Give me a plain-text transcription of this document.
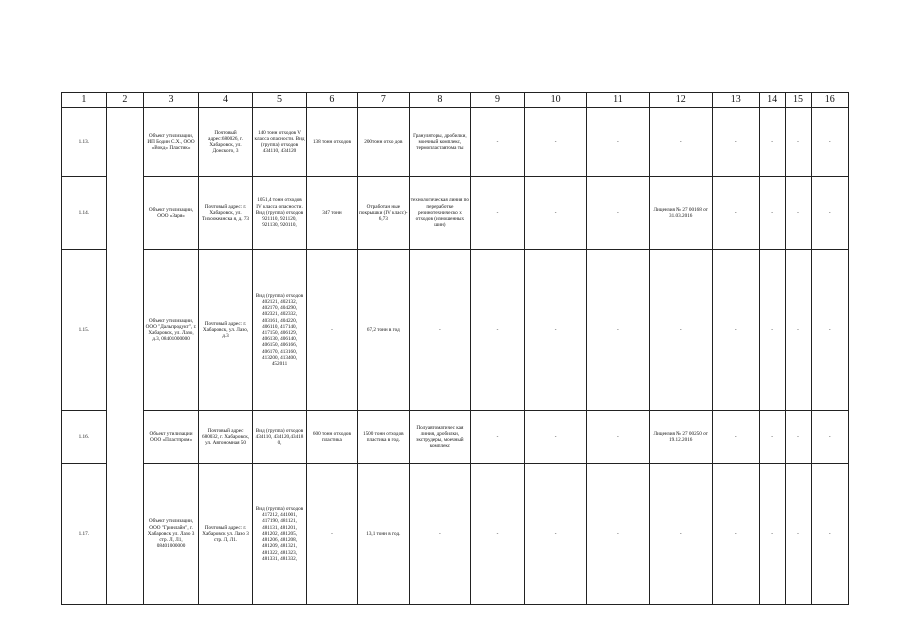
1	2	3	4	5	6	7	8	9	10	11	12	13	14	15	16
1.13.		Объект утилизации, ИП Бодин С.Х., ООО «Вокд» Пластик»	Почтовый адрес:680026, г. Хабаровск, ул. Донского, 3	140 тонн отходов V класса опасности. Вид (группа) отходов 434110, 434120	138 тонн отходов	200тонн отхо дов	Грануляторы, дробилки, моечный комплекс, термопластавтома ты	-	-	-	-	-	-	-	-
1.14.		Объект утилизации, ООО «Заря»	Почтовый адрес: г. Хабаровск, ул. Тихоокеанска я, д. 73	1051,4 тонн отходов IV класса опасности. Вид (группа) отходов 921110, 921120, 921130, 920110,	347 тонн	Отработан ные покрышки (IV класс)- 6,73	технологическая линия по переработке резинотехническо х отходов (изношенных шин)	-	-	-	Лицензия № 27 00168 от 31.03.2016	-	-	-	-
1.15.		Объект утилизации, ООО "Дальпродукт", г. Хабаровск, ул. Лазо, д.3, 08401000000	Почтовый адрес: г. Хабаровск, ул. Лазо, д.3	Вид (группа) отходов 402121, 402132, 402170, 404290, 402321, 402332, 403161, 404220, 406110, 417140, 417150, 406129, 406130, 406140, 406150, 406166, 406170, 413160, 413200, 413400, 452011	-	67,2 тонн в год	-	-	-	-	-	-	-	-	-
1.16.		Объект утилизации ООО «Пластпром»	Почтовый адрес 680032, г. Хабаровск, ул. Автономная 50	Вид (группа) отходов 434110, 434120,43418 0,	600 тонн отходов пластика	1500 тонн отходов пластика в год.	Полуавтоматичес кая линия, дробилки, экструдеры, моечный комплекс	-	-	-	Лицензия № 27 00250 от 19.12.2016	-	-	-	-
1.17.		Объект утилизации, ООО "Гринлайн", г. Хабаровск ул. Лазо 3 стр. Л, Л1, 08401000000	Почтовый адрес: г. Хабаровск ул. Лазо 3 стр. Л, Л1.	Вид (группа) отходов 417212, 441001, 417190, 481121, 481131, 481201, 481202, 481205, 481206, 481208, 481209, 481321, 481322, 481323, 481331, 481332,	-	13,1 тонн в год.	-	-	-	-	-	-	-	-	-
